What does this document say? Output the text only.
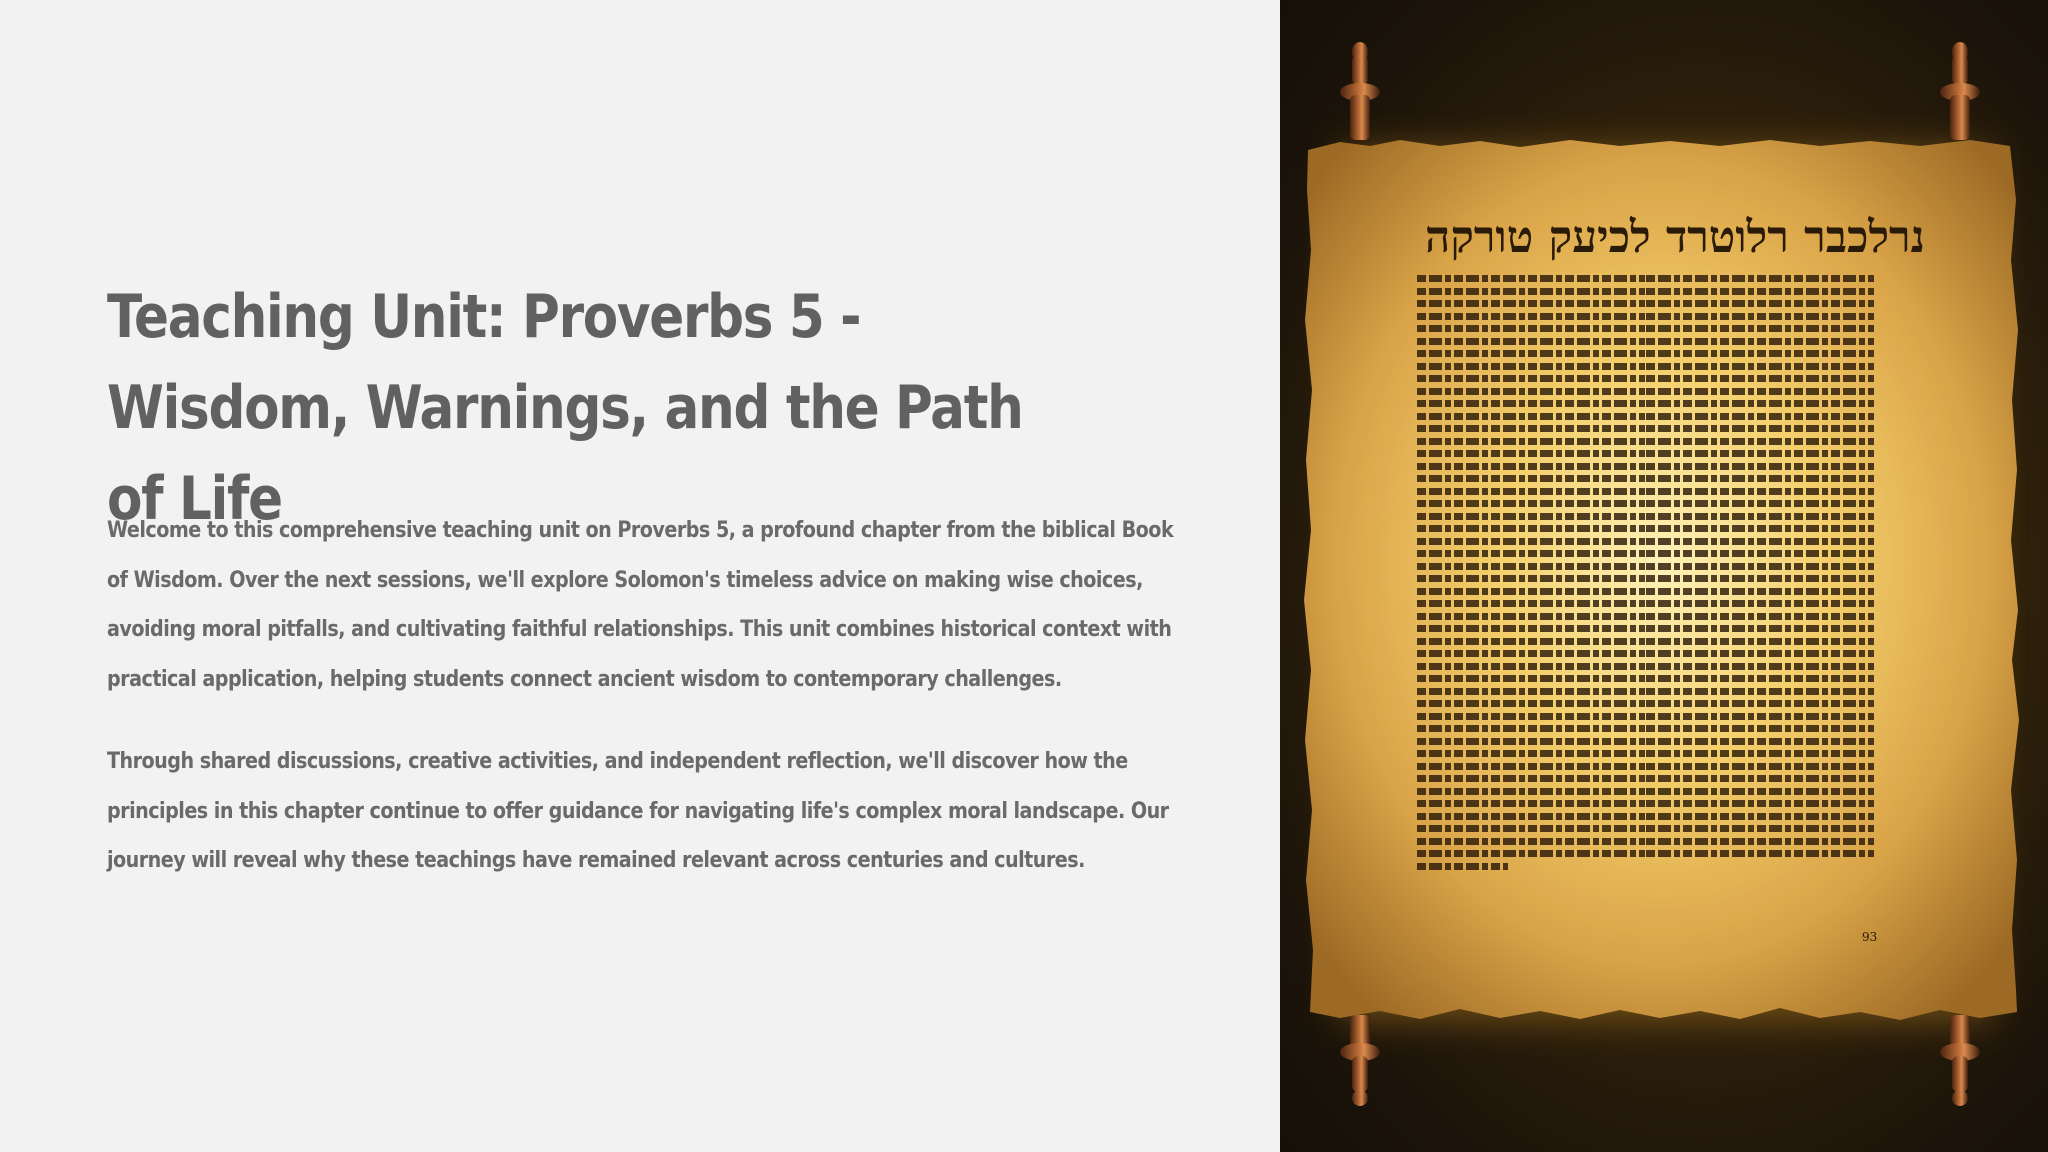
Teaching Unit: Proverbs 5 - Wisdom, Warnings, and the Path of Life

Welcome to this comprehensive teaching unit on Proverbs 5, a profound chapter from the biblical Book of Wisdom. Over the next sessions, we'll explore Solomon's timeless advice on making wise choices, avoiding moral pitfalls, and cultivating faithful relationships. This unit combines historical context with practical application, helping students connect ancient wisdom to contemporary challenges.

Through shared discussions, creative activities, and independent reflection, we'll discover how the principles in this chapter continue to offer guidance for navigating life's complex moral landscape. Our journey will reveal why these teachings have remained relevant across centuries and cultures.

נרלכבר רלוטרד לכיעק טורקה
ּ93
